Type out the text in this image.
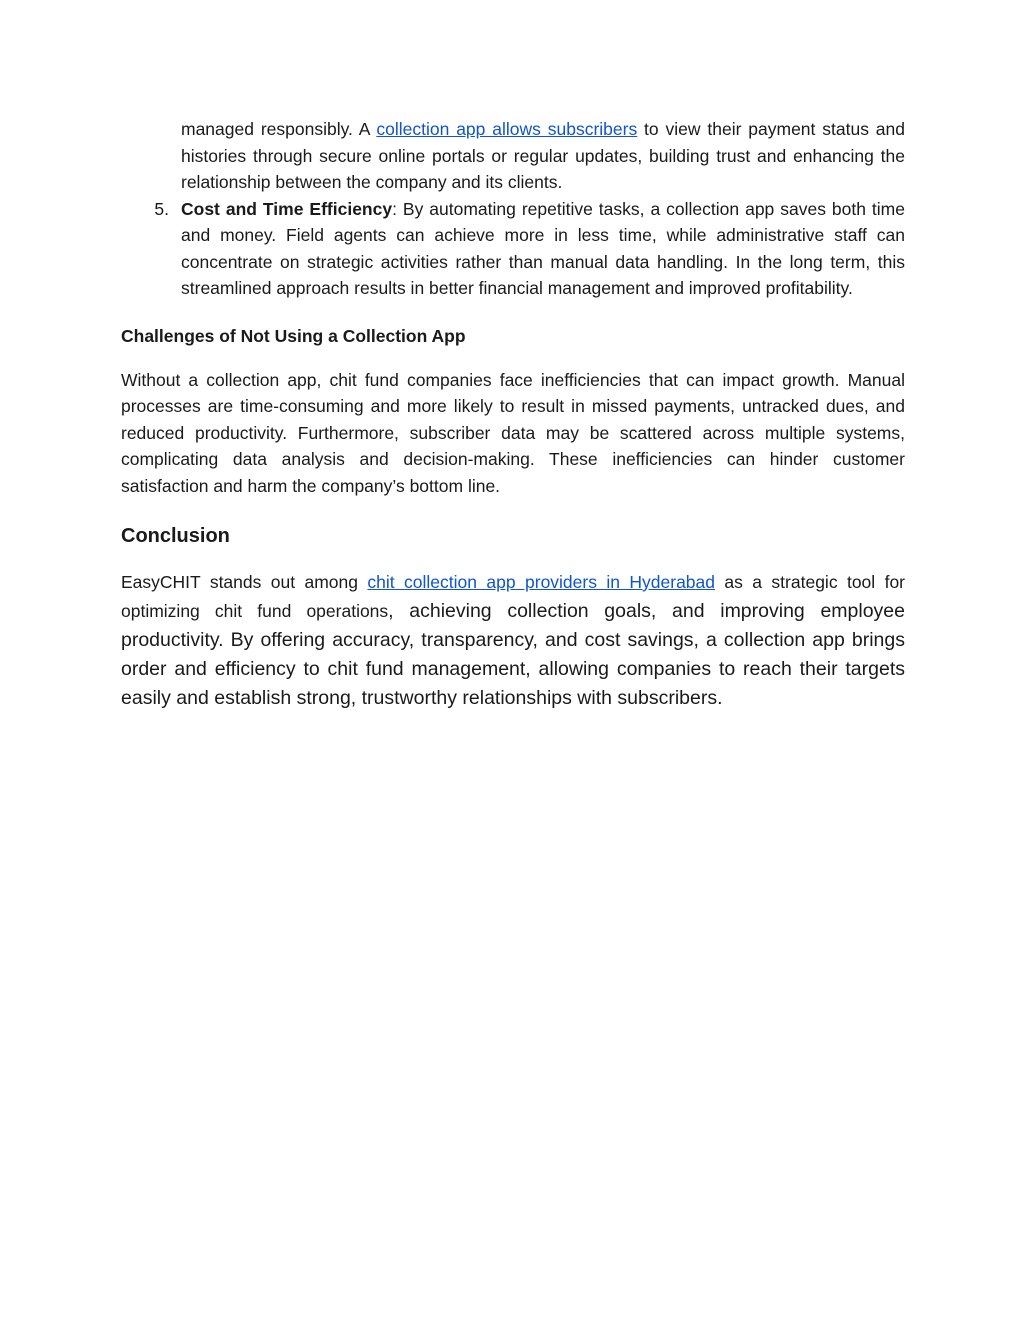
managed responsibly. A collection app allows subscribers to view their payment status and histories through secure online portals or regular updates, building trust and enhancing the relationship between the company and its clients.

5. Cost and Time Efficiency: By automating repetitive tasks, a collection app saves both time and money. Field agents can achieve more in less time, while administrative staff can concentrate on strategic activities rather than manual data handling. In the long term, this streamlined approach results in better financial management and improved profitability.

Challenges of Not Using a Collection App

Without a collection app, chit fund companies face inefficiencies that can impact growth. Manual processes are time-consuming and more likely to result in missed payments, untracked dues, and reduced productivity. Furthermore, subscriber data may be scattered across multiple systems, complicating data analysis and decision-making. These inefficiencies can hinder customer satisfaction and harm the company’s bottom line.

Conclusion

EasyCHIT stands out among chit collection app providers in Hyderabad as a strategic tool for optimizing chit fund operations, achieving collection goals, and improving employee productivity. By offering accuracy, transparency, and cost savings, a collection app brings order and efficiency to chit fund management, allowing companies to reach their targets easily and establish strong, trustworthy relationships with subscribers.
